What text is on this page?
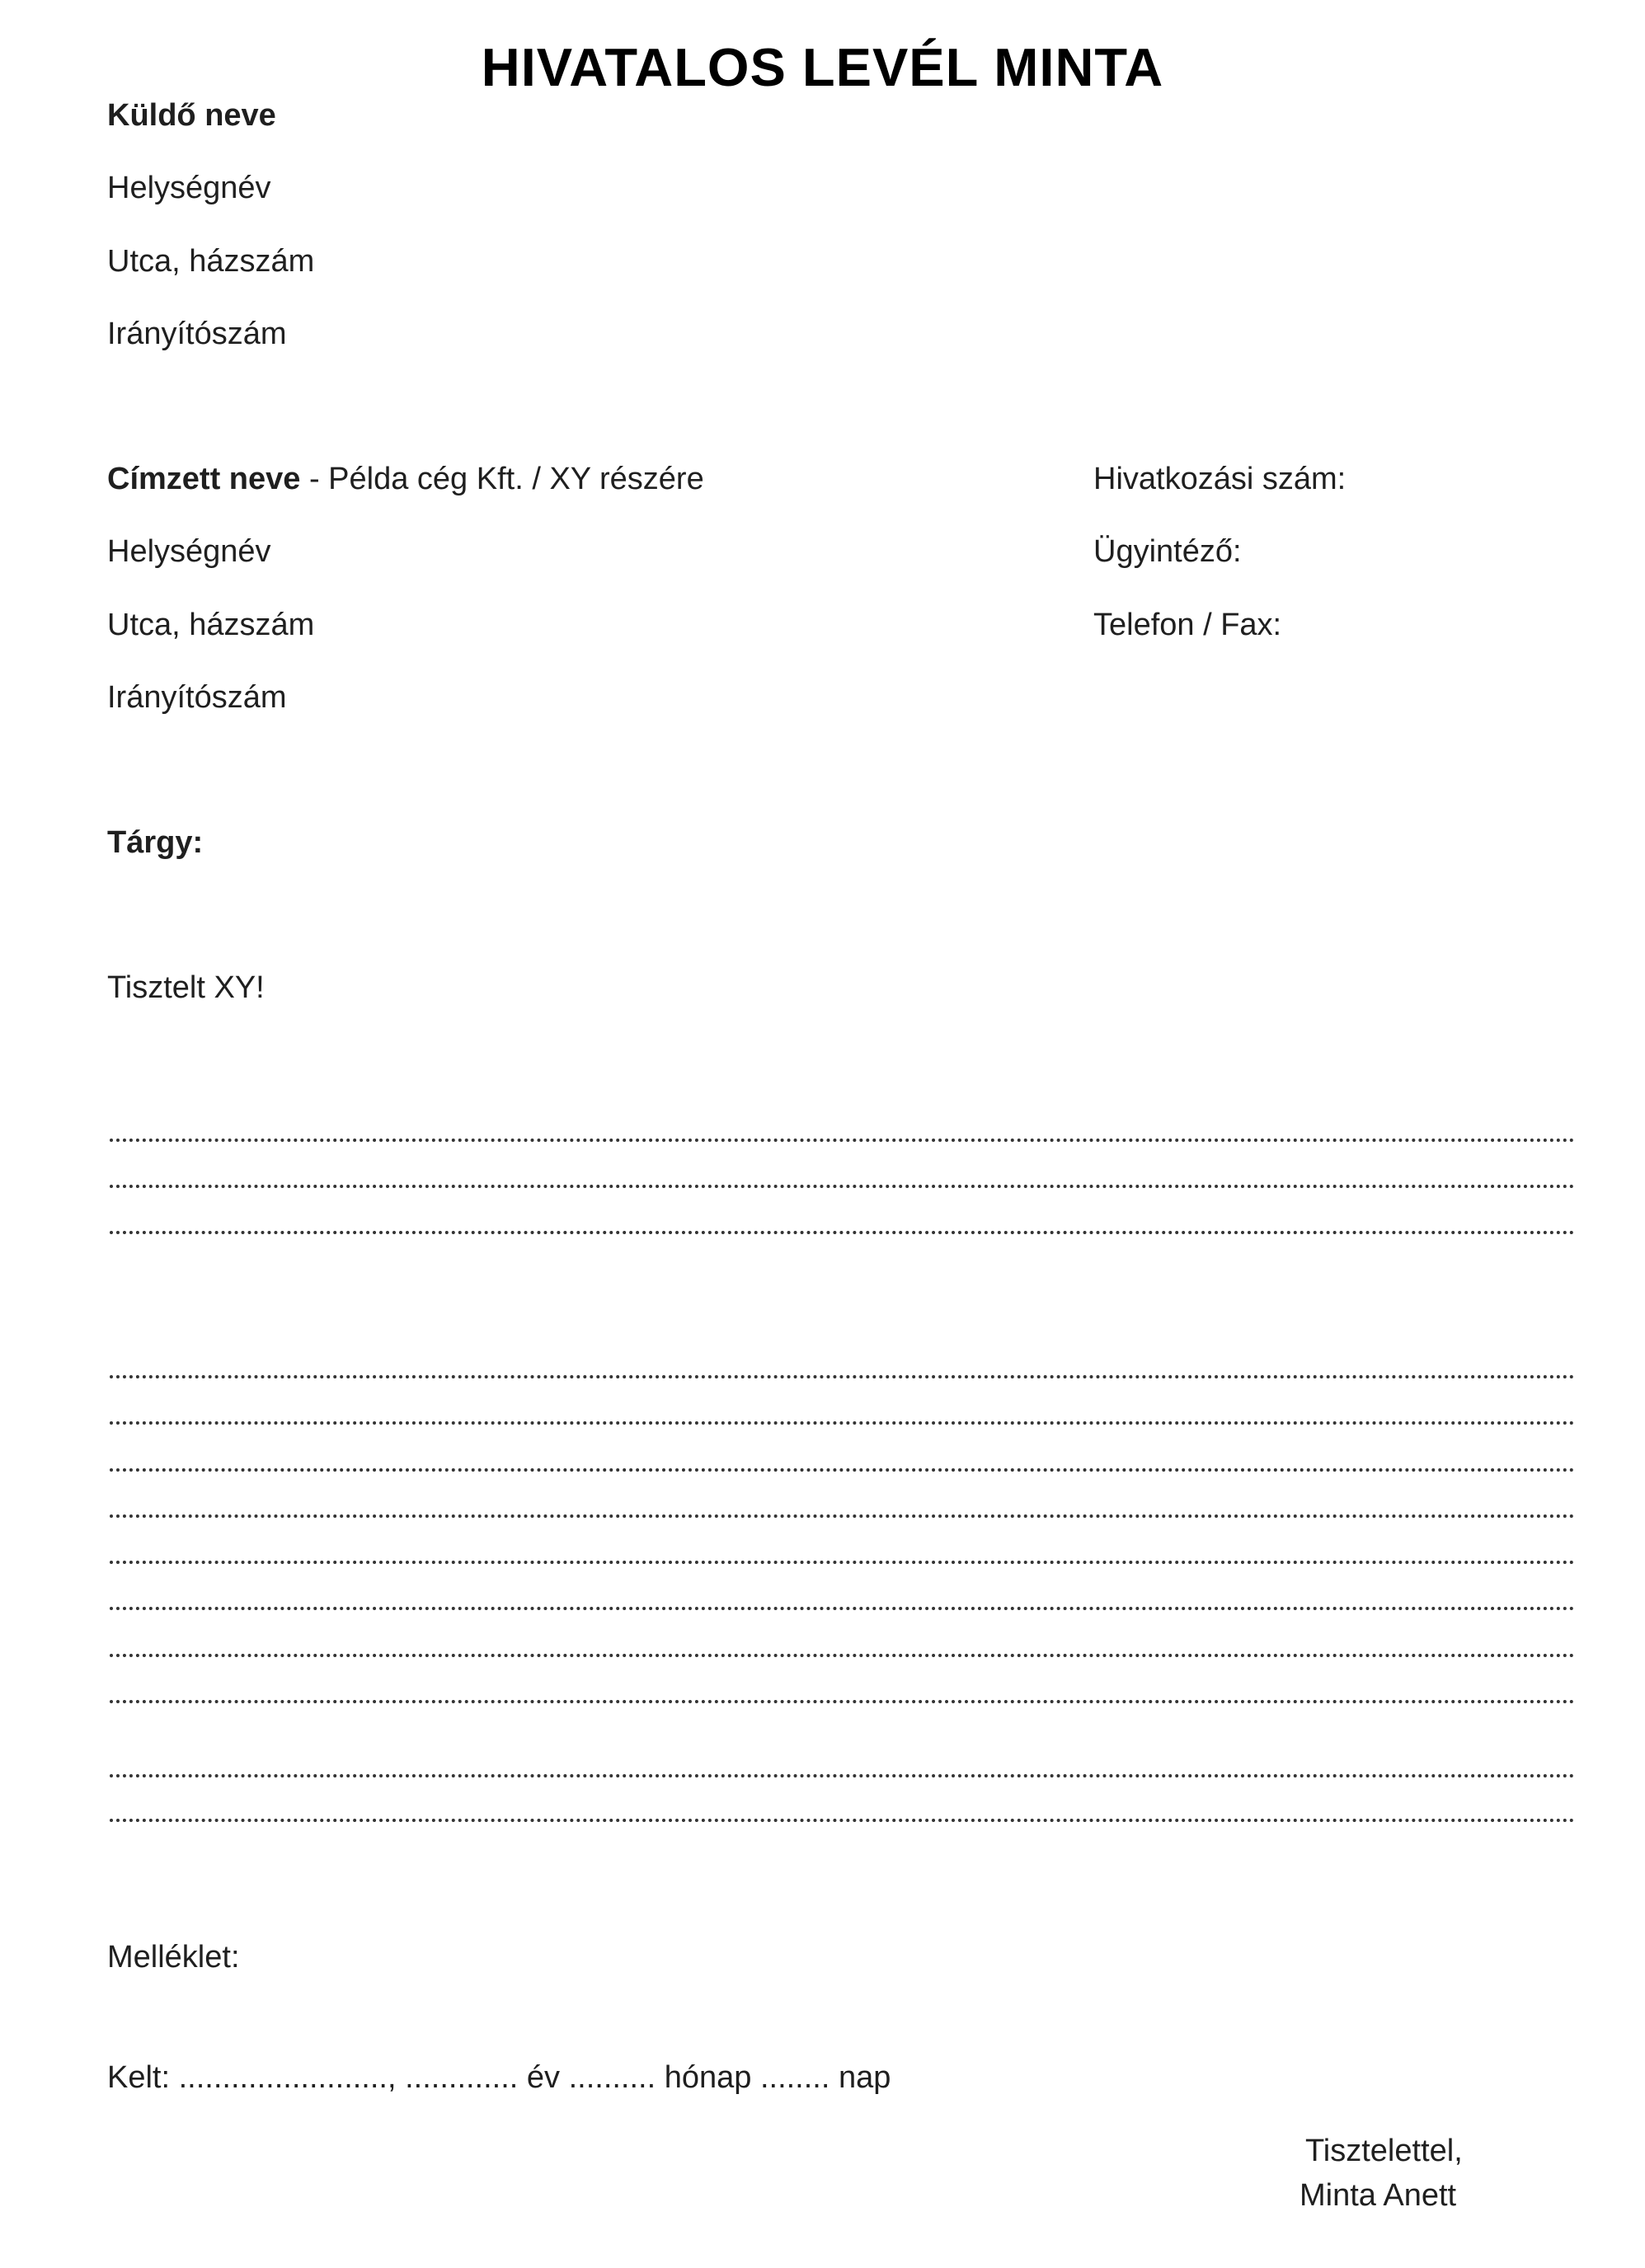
HIVATALOS LEVÉL MINTA
Küldő neve
Helységnév
Utca, házszám
Irányítószám
Címzett neve - Példa cég Kft. / XY részére
Helységnév
Utca, házszám
Irányítószám
Hivatkozási szám:
Ügyintéző:
Telefon / Fax:
Tárgy:
Tisztelt XY!
Melléklet:
Kelt: ........................, ............. év .......... hónap ........ nap
Tisztelettel,
Minta Anett
